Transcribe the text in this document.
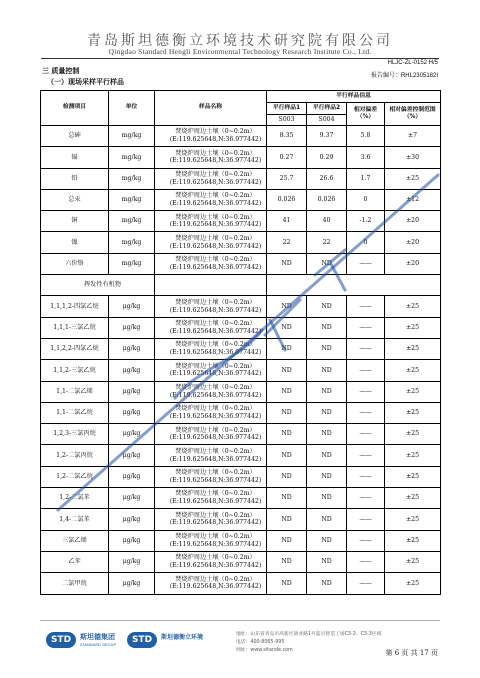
青岛斯坦德衡立环境技术研究院有限公司
Qingdao Standard Hengli Environmental Technology Research Institute Co., Ltd.
HLJC-ZL-0152 H/5
报告编号：RHL2305182I
三 质量控制
（一）现场采样平行样品
检测项目	单位	样品名称	平行样品信息			
			平行样品1	平行样品2	相对偏差（%）	相对偏差控制范围（%）
			S003	S004		
总砷	mg/kg	焚烧炉周边土壤（0~0.2m）
(E:119.625648,N:36.977442)	8.35	9.37	5.8	±7
镉	mg/kg	焚烧炉周边土壤（0~0.2m）
(E:119.625648,N:36.977442)	0.27	0.29	3.6	±30
铅	mg/kg	焚烧炉周边土壤（0~0.2m）
(E:119.625648,N:36.977442)	25.7	26.6	1.7	±25
总汞	mg/kg	焚烧炉周边土壤（0~0.2m）
(E:119.625648,N:36.977442)	0.026	0.026	0	±12
铜	mg/kg	焚烧炉周边土壤（0~0.2m）
(E:119.625648,N:36.977442)	41	40	-1.2	±20
镍	mg/kg	焚烧炉周边土壤（0~0.2m）
(E:119.625648,N:36.977442)	22	22	0	±20
六价铬	mg/kg	焚烧炉周边土壤（0~0.2m）
(E:119.625648,N:36.977442)	ND	ND	——	±20
挥发性有机物						
1,1,1,2-四氯乙烷	μg/kg	焚烧炉周边土壤（0~0.2m）
(E:119.625648,N:36.977442)	ND	ND	——	±25
1,1,1-三氯乙烷	μg/kg	焚烧炉周边土壤（0~0.2m）
(E:119.625648,N:36.977442)	ND	ND	——	±25
1,1,2,2-四氯乙烷	μg/kg	焚烧炉周边土壤（0~0.2m）
(E:119.625648,N:36.977442)	ND	ND	——	±25
1,1,2-三氯乙烷	μg/kg	焚烧炉周边土壤（0~0.2m）
(E:119.625648,N:36.977442)	ND	ND	——	±25
1,1-二氯乙烯	μg/kg	焚烧炉周边土壤（0~0.2m）
(E:119.625648,N:36.977442)	ND	ND	——	±25
1,1-二氯乙烷	μg/kg	焚烧炉周边土壤（0~0.2m）
(E:119.625648,N:36.977442)	ND	ND	——	±25
1,2,3-三氯丙烷	μg/kg	焚烧炉周边土壤（0~0.2m）
(E:119.625648,N:36.977442)	ND	ND	——	±25
1,2-二氯丙烷	μg/kg	焚烧炉周边土壤（0~0.2m）
(E:119.625648,N:36.977442)	ND	ND	——	±25
1,2-二氯乙烷	μg/kg	焚烧炉周边土壤（0~0.2m）
(E:119.625648,N:36.977442)	ND	ND	——	±25
1,2-二氯苯	μg/kg	焚烧炉周边土壤（0~0.2m）
(E:119.625648,N:36.977442)	ND	ND	——	±25
1,4-二氯苯	μg/kg	焚烧炉周边土壤（0~0.2m）
(E:119.625648,N:36.977442)	ND	ND	——	±25
三氯乙烯	μg/kg	焚烧炉周边土壤（0~0.2m）
(E:119.625648,N:36.977442)	ND	ND	——	±25
乙苯	μg/kg	焚烧炉周边土壤（0~0.2m）
(E:119.625648,N:36.977442)	ND	ND	——	±25
二氯甲烷	μg/kg	焚烧炉周边土壤（0~0.2m）
(E:119.625648,N:36.977442)	ND	ND	——	±25
STD	斯坦德集团
STANDARD GROUP	STD	斯坦德衡立环境	地址：山东省青岛市高新区锦业路1号蓝贝智造工场C3-2、C3-3区域
电话：400-8065-995
网址：www.sitande.com	第 6 页 共 17 页
